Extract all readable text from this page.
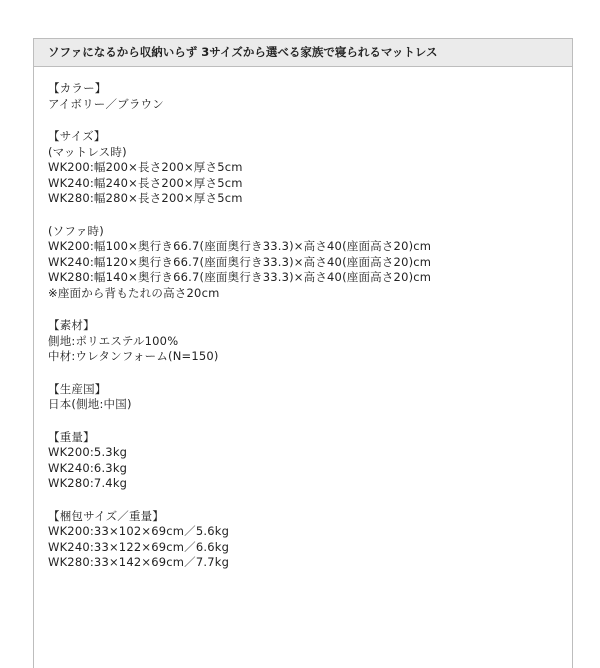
ソファになるから収納いらず 3サイズから選べる家族で寝られるマットレス
【カラー】
アイボリー／ブラウン
【サイズ】
(マットレス時)
WK200:幅200×長さ200×厚さ5cm
WK240:幅240×長さ200×厚さ5cm
WK280:幅280×長さ200×厚さ5cm
(ソファ時)
WK200:幅100×奥行き66.7(座面奥行き33.3)×高さ40(座面高さ20)cm
WK240:幅120×奥行き66.7(座面奥行き33.3)×高さ40(座面高さ20)cm
WK280:幅140×奥行き66.7(座面奥行き33.3)×高さ40(座面高さ20)cm
※座面から背もたれの高さ20cm
【素材】
側地:ポリエステル100%
中材:ウレタンフォーム(N=150)
【生産国】
日本(側地:中国)
【重量】
WK200:5.3kg
WK240:6.3kg
WK280:7.4kg
【梱包サイズ／重量】
WK200:33×102×69cm／5.6kg
WK240:33×122×69cm／6.6kg
WK280:33×142×69cm／7.7kg
